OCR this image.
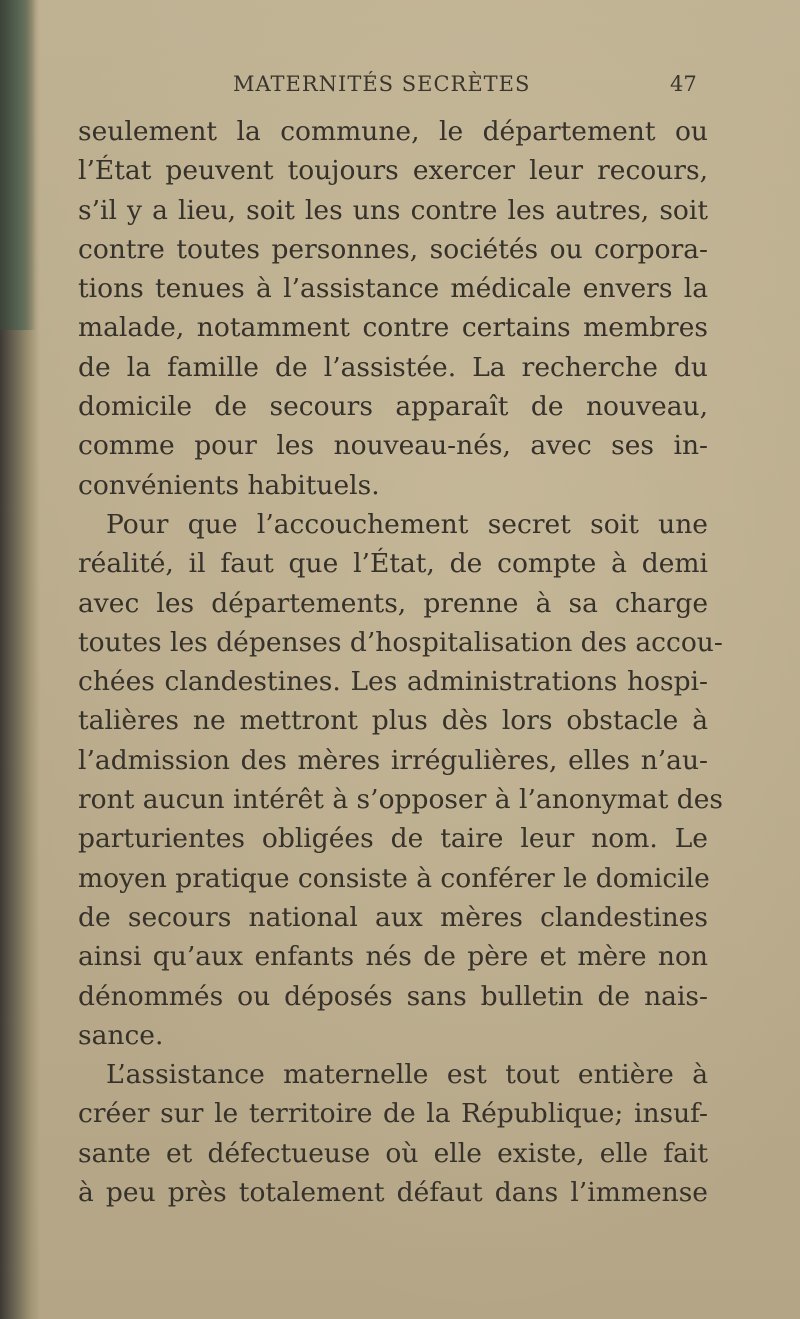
MATERNITÉS SECRÈTES	47
seulement la commune, le département ou
l’État peuvent toujours exercer leur recours,
s’il y a lieu, soit les uns contre les autres, soit
contre toutes personnes, sociétés ou corpora-
tions tenues à l’assistance médicale envers la
malade, notamment contre certains membres
de la famille de l’assistée. La recherche du
domicile de secours apparaît de nouveau,
comme pour les nouveau-nés, avec ses in-
convénients habituels.
Pour que l’accouchement secret soit une
réalité, il faut que l’État, de compte à demi
avec les départements, prenne à sa charge
toutes les dépenses d’hospitalisation des accou-
chées clandestines. Les administrations hospi-
talières ne mettront plus dès lors obstacle à
l’admission des mères irrégulières, elles n’au-
ront aucun intérêt à s’opposer à l’anonymat des
parturientes obligées de taire leur nom. Le
moyen pratique consiste à conférer le domicile
de secours national aux mères clandestines
ainsi qu’aux enfants nés de père et mère non
dénommés ou déposés sans bulletin de nais-
sance.
L’assistance maternelle est tout entière à
créer sur le territoire de la République; insuf-
sante et défectueuse où elle existe, elle fait
à peu près totalement défaut dans l’immense
